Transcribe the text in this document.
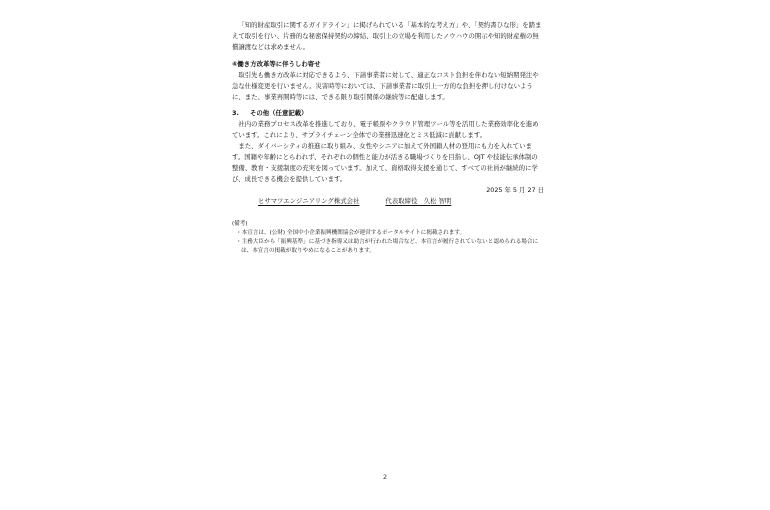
「知的財産取引に関するガイドライン」に掲げられている「基本的な考え方」や、「契約書ひな形」を踏まえて取引を行い、片務的な秘密保持契約の締結、取引上の立場を利用したノウハウの開示や知的財産権の無償譲渡などは求めません。

④働き方改革等に伴うしわ寄せ

取引先も働き方改革に対応できるよう、下請事業者に対して、適正なコスト負担を伴わない短納期発注や急な仕様変更を行いません。災害時等においては、下請事業者に取引上一方的な負担を押し付けないように、また、事業再開時等には、できる限り取引関係の継続等に配慮します。

3. その他（任意記載）

社内の業務プロセス改革を推進しており、電子帳票やクラウド管理ツール等を活用した業務効率化を進めています。これにより、サプライチェーン全体での業務迅速化とミス低減に貢献します。

また、ダイバーシティの推進に取り組み、女性やシニアに加えて外国籍人材の登用にも力を入れています。国籍や年齢にとらわれず、それぞれの個性と能力が活きる職場づくりを目指し、OJT や技能伝承体制の整備、教育・支援制度の充実を図っています。加えて、資格取得支援を通じて、すべての社員が継続的に学び、成長できる機会を提供しています。

2025 年 5 月 27 日

ヒサマツエンジニアリング株式会社	代表取締役　久松 智明

(備考)

・本宣言は、(公財) 全国中小企業振興機関協会が運営するポータルサイトに掲載されます。

・主務大臣から「振興基準」に基づき指導又は助言が行われた場合など、本宣言が履行されていないと認められる場合には、本宣言の掲載が取りやめになることがあります。

2
